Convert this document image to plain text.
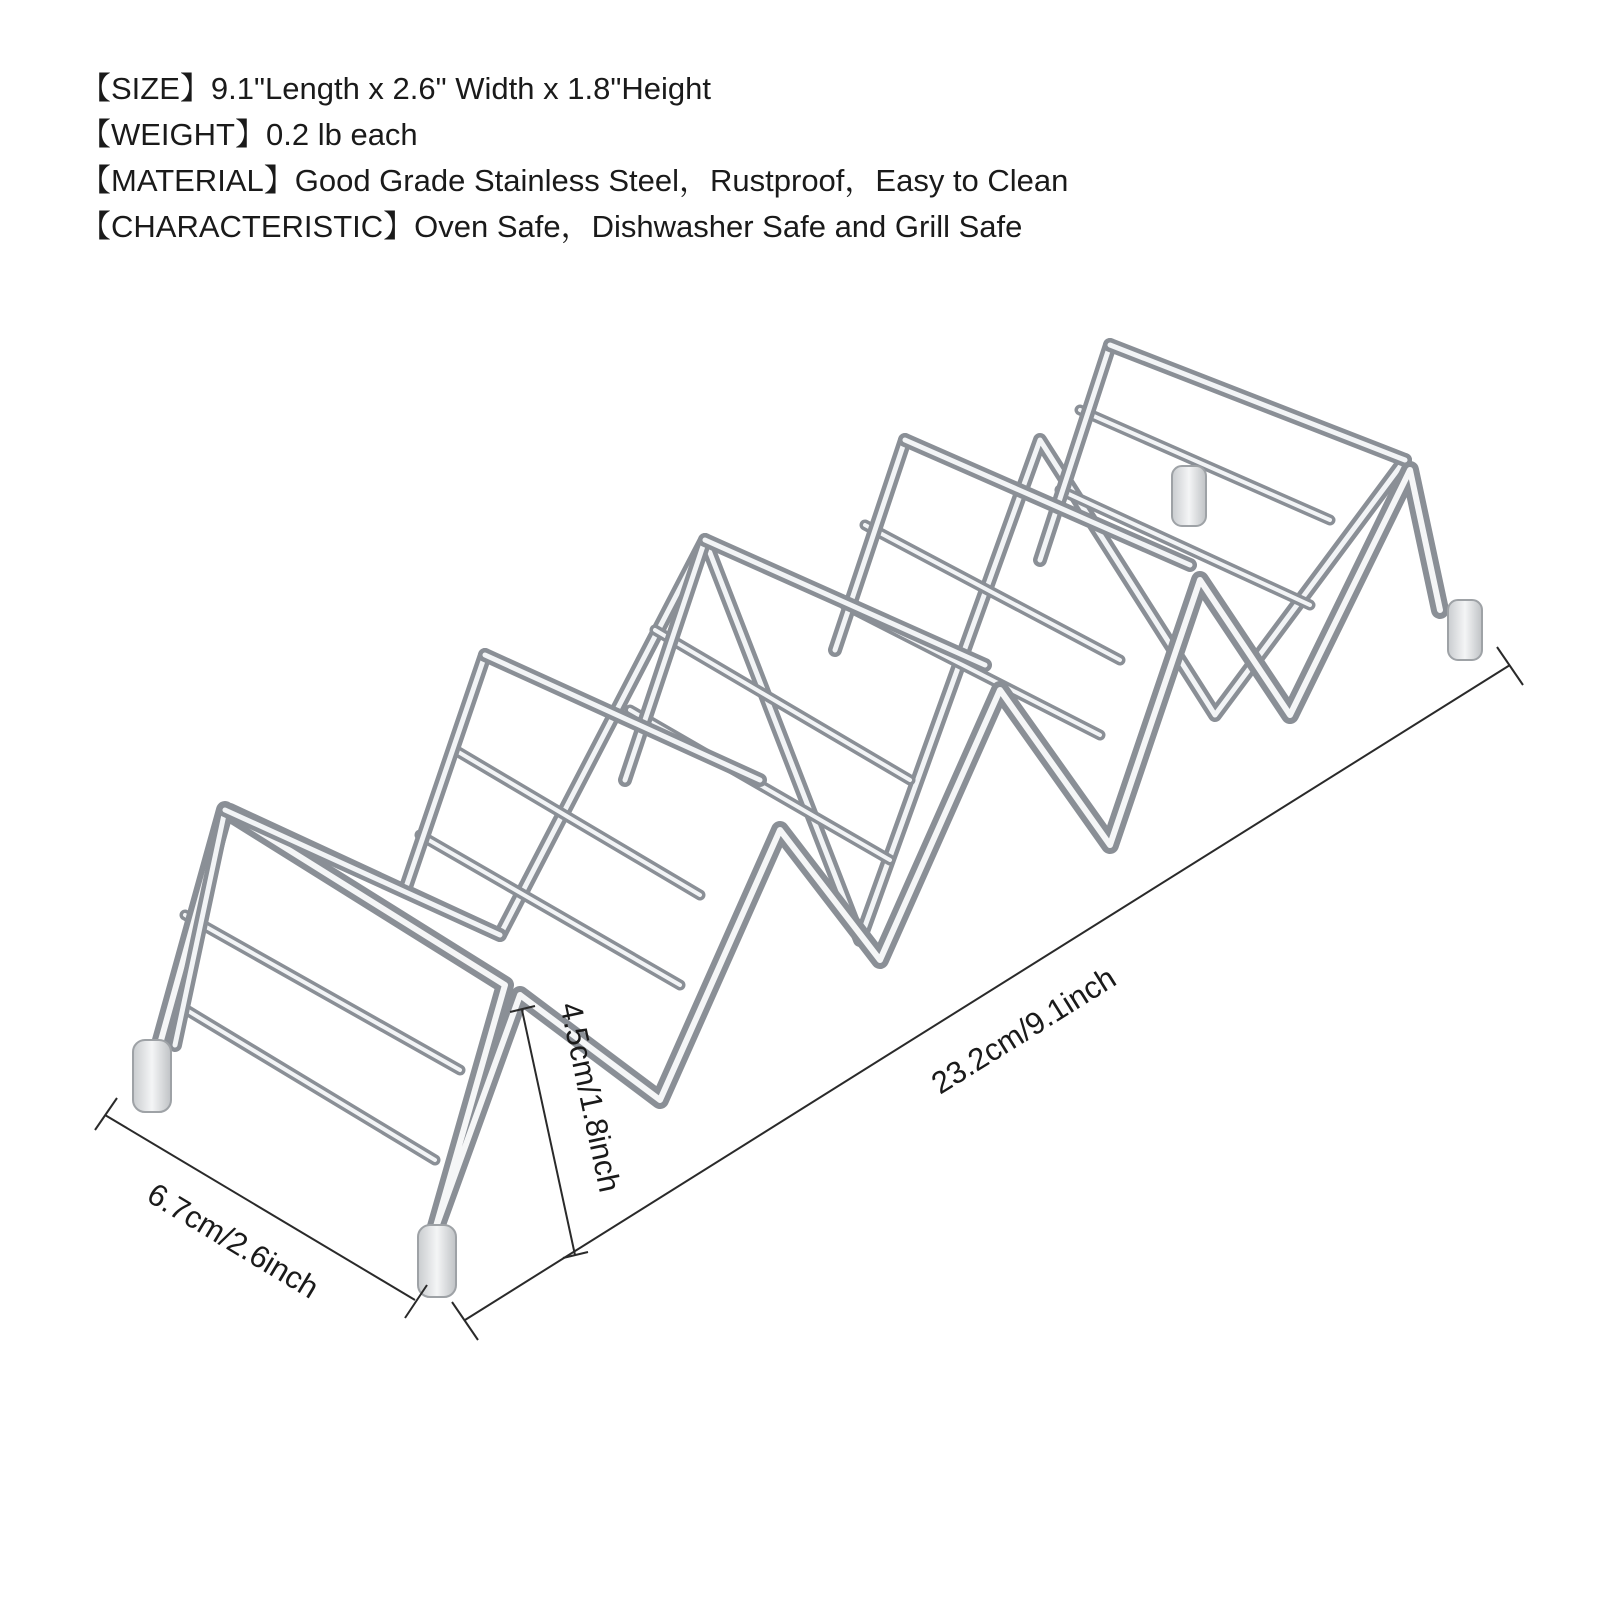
【 SIZE 】 9.1"Length x 2.6" Width x 1.8"Height
【 WEIGHT 】 0.2 lb each
【 MATERIAL 】 Good Grade Stainless Steel，Rustproof，Easy to Clean
【 CHARACTERISTIC 】 Oven Safe，Dishwasher Safe and Grill Safe
23.2cm/9.1inch
4.5cm/1.8inch
6.7cm/2.6inch
